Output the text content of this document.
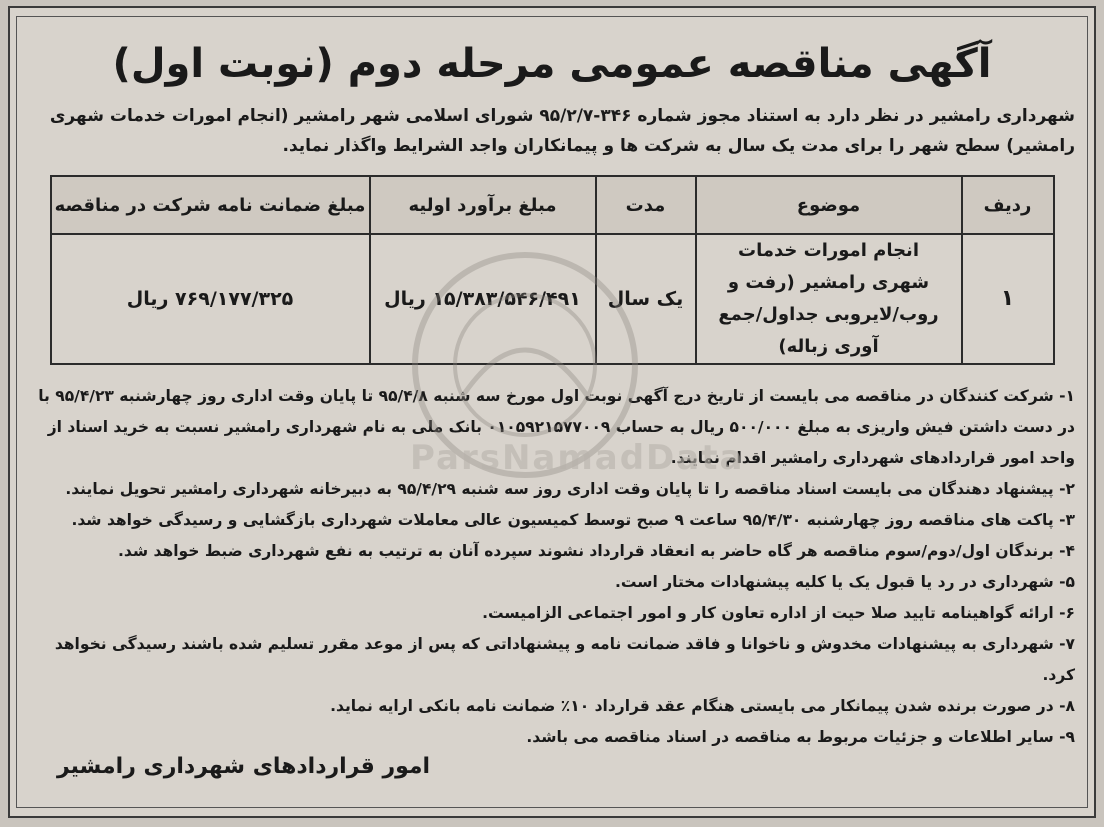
آگهی مناقصه عمومی مرحله دوم (نوبت اول)
شهرداری رامشیر در نظر دارد به استناد مجوز شماره ۳۴۶-۹۵/۲/۷ شورای اسلامی شهر رامشیر (انجام امورات خدمات شهری رامشیر) سطح شهر را برای مدت یک سال به شرکت ها و پیمانکاران واجد الشرایط واگذار نماید.
ردیف	موضوع	مدت	مبلغ برآورد اولیه	مبلغ ضمانت نامه شرکت در مناقصه
۱	انجام امورات خدمات شهری رامشیر (رفت و روب/لایروبی جداول/جمع آوری زباله)	یک سال	۱۵/۳۸۳/۵۴۶/۴۹۱ ریال	۷۶۹/۱۷۷/۳۲۵ ریال
۱- شرکت کنندگان در مناقصه می بایست از تاریخ درج آگهی نوبت اول مورخ سه شنبه ۹۵/۴/۸ تا پایان وقت اداری روز چهارشنبه ۹۵/۴/۲۳ با در دست داشتن فیش واریزی به مبلغ ۵۰۰/۰۰۰ ریال به حساب ۰۱۰۵۹۲۱۵۷۷۰۰۹ بانک ملی به نام شهرداری رامشیر نسبت به خرید اسناد از واحد امور قراردادهای شهرداری رامشیر اقدام نمایند.
۲- پیشنهاد دهندگان می بایست اسناد مناقصه را تا پایان وقت اداری روز سه شنبه ۹۵/۴/۲۹ به دبیرخانه شهرداری رامشیر تحویل نمایند.
۳- پاکت های مناقصه روز چهارشنبه ۹۵/۴/۳۰ ساعت ۹ صبح توسط کمیسیون عالی معاملات شهرداری بازگشایی و رسیدگی خواهد شد.
۴- برندگان اول/دوم/سوم مناقصه هر گاه حاضر به انعقاد قرارداد نشوند سپرده آنان به ترتیب به نفع شهرداری ضبط خواهد شد.
۵- شهرداری در رد یا قبول یک یا کلیه پیشنهادات مختار است.
۶- ارائه گواهینامه تایید صلا حیت از اداره تعاون کار و امور اجتماعی الزامیست.
۷- شهرداری به پیشنهادات مخدوش و ناخوانا و فاقد ضمانت نامه و پیشنهاداتی که پس از موعد مقرر تسلیم شده باشند رسیدگی نخواهد کرد.
۸- در صورت برنده شدن پیمانکار می بایستی هنگام عقد قرارداد ۱۰٪ ضمانت نامه بانکی ارایه نماید.
۹- سایر اطلاعات و جزئیات مربوط به مناقصه در اسناد مناقصه می باشد.
امور قراردادهای شهرداری رامشیر
ParsNamadData
